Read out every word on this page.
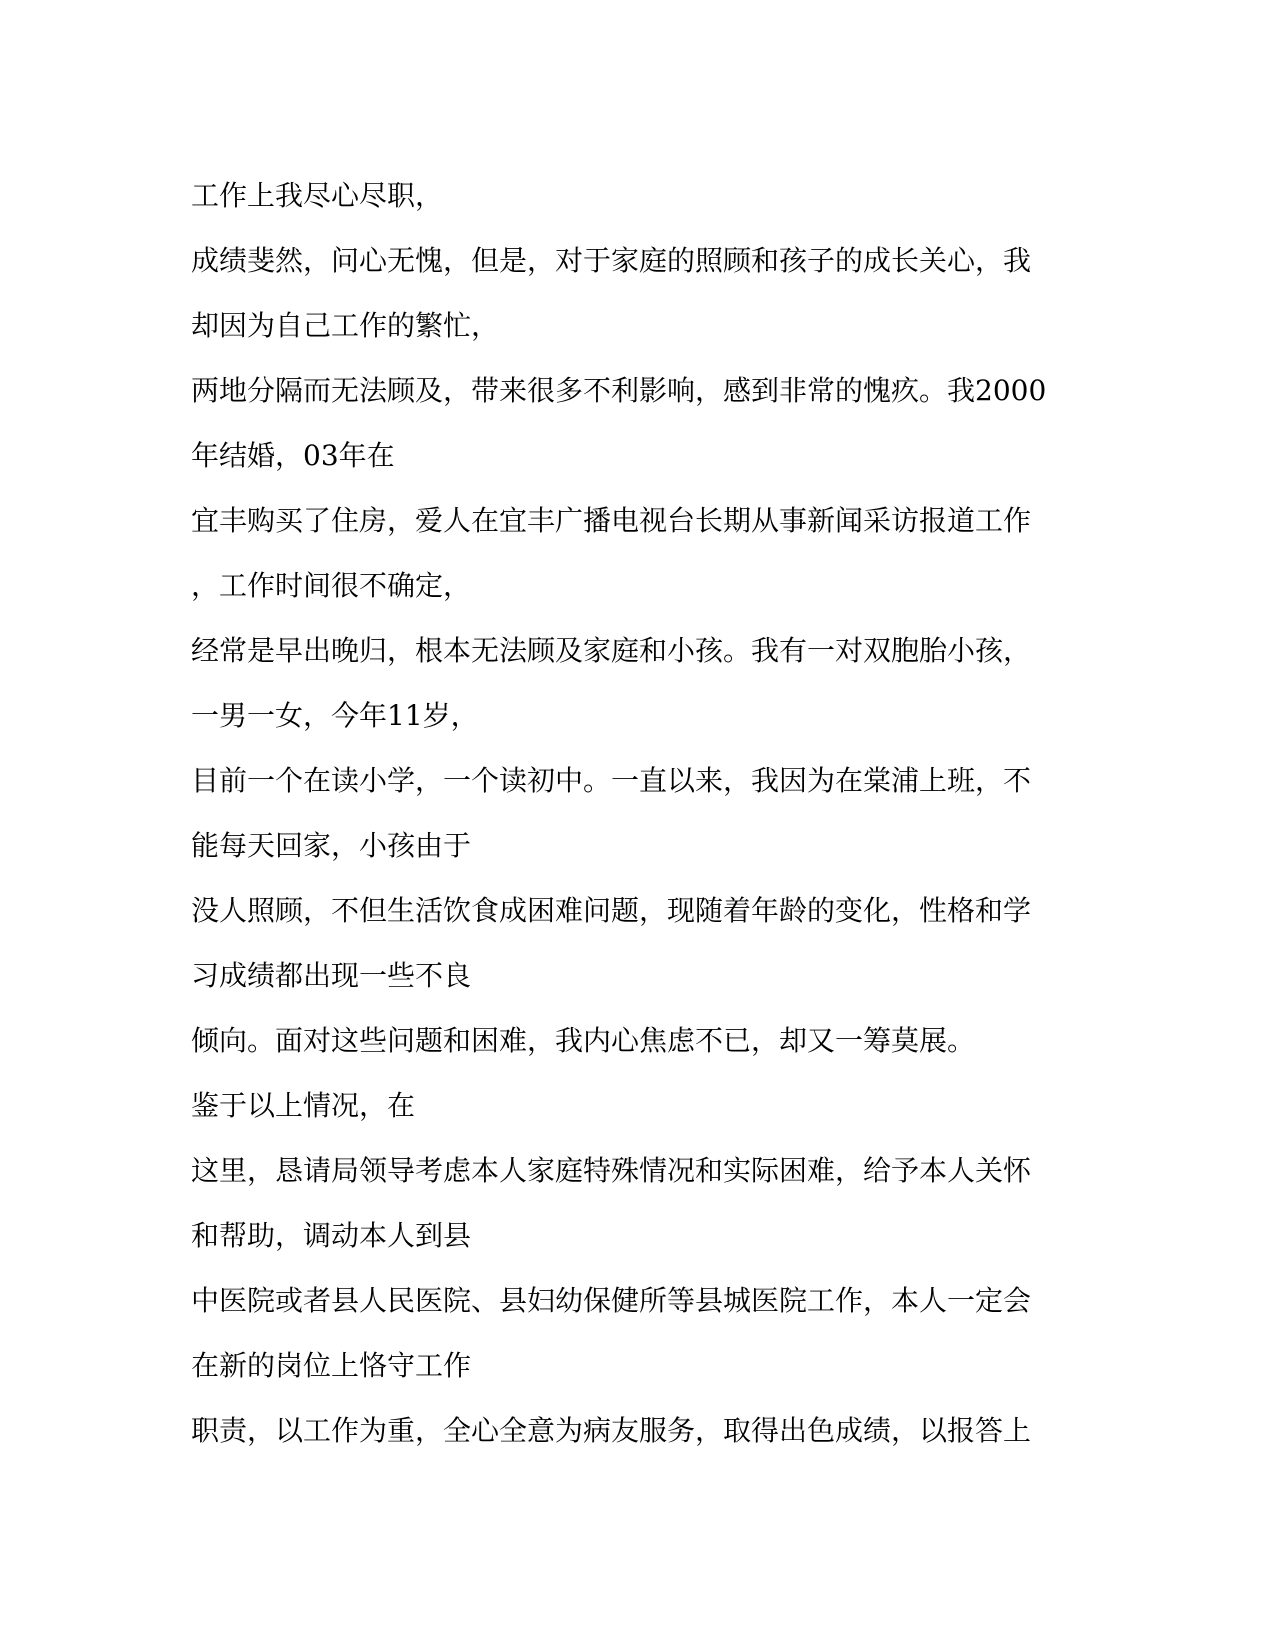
工作上我尽心尽职，

成绩斐然，问心无愧，但是，对于家庭的照顾和孩子的成长关心，我

却因为自己工作的繁忙，

两地分隔而无法顾及，带来很多不利影响，感到非常的愧疚。我2000

年结婚，03年在

宜丰购买了住房，爱人在宜丰广播电视台长期从事新闻采访报道工作

，工作时间很不确定，

经常是早出晚归，根本无法顾及家庭和小孩。我有一对双胞胎小孩，

一男一女，今年11岁，

目前一个在读小学，一个读初中。一直以来，我因为在棠浦上班，不

能每天回家，小孩由于

没人照顾，不但生活饮食成困难问题，现随着年龄的变化，性格和学

习成绩都出现一些不良

倾向。面对这些问题和困难，我内心焦虑不已，却又一筹莫展。

鉴于以上情况，在

这里，恳请局领导考虑本人家庭特殊情况和实际困难，给予本人关怀

和帮助，调动本人到县

中医院或者县人民医院、县妇幼保健所等县城医院工作，本人一定会

在新的岗位上恪守工作

职责，以工作为重，全心全意为病友服务，取得出色成绩，以报答上
